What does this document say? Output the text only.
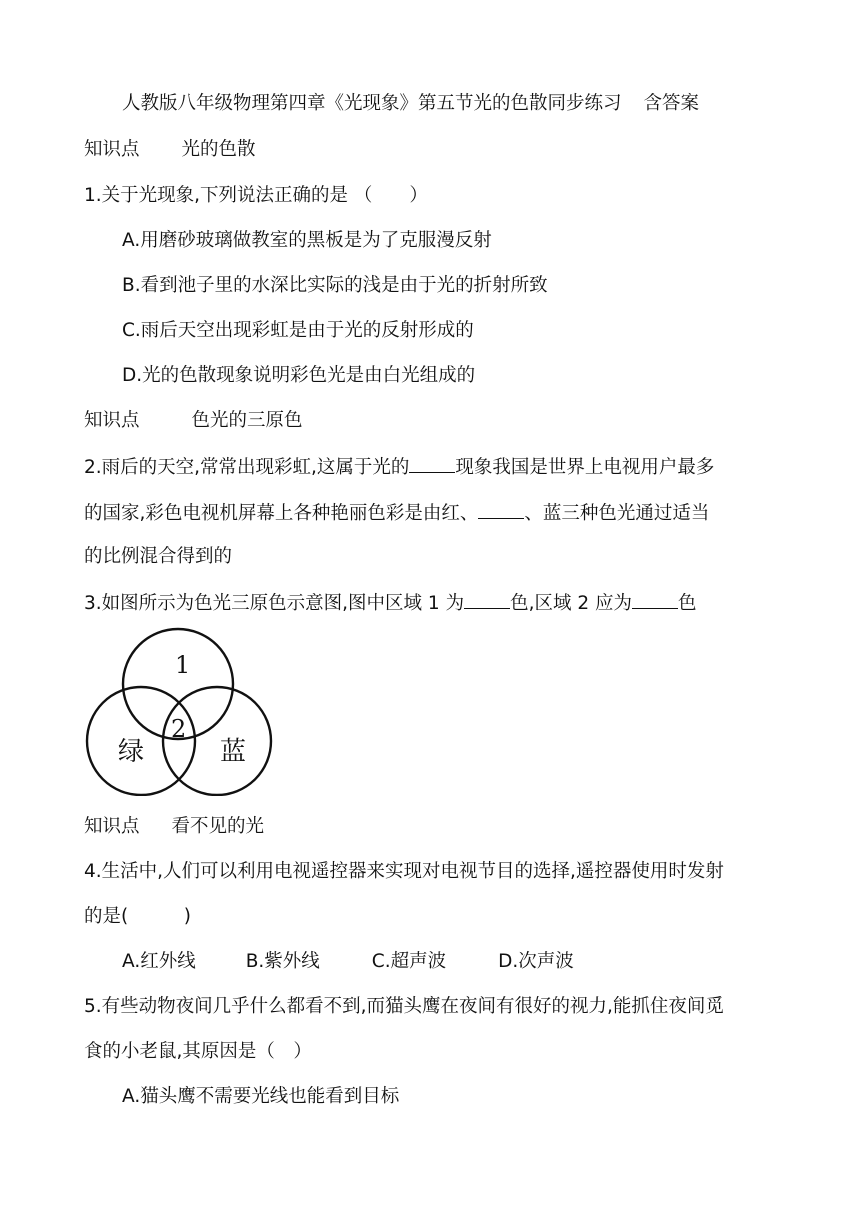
人教版八年级物理第四章《光现象》第五节光的色散同步练习 含答案
知识点 光的色散
1.关于光现象,下列说法正确的是 （　　）
A.用磨砂玻璃做教室的黑板是为了克服漫反射
B.看到池子里的水深比实际的浅是由于光的折射所致
C.雨后天空出现彩虹是由于光的反射形成的
D.光的色散现象说明彩色光是由白光组成的
知识点	色光的三原色
2.雨后的天空,常常出现彩虹,这属于光的 现象我国是世界上电视用户最多
的国家,彩色电视机屏幕上各种艳丽色彩是由红、 、蓝三种色光通过适当
的比例混合得到的
3.如图所示为色光三原色示意图,图中区域 1 为 色,区域 2 应为 色
1
2
绿	蓝
知识点 看不见的光
4.生活中,人们可以利用电视遥控器来实现对电视节目的选择,遥控器使用时发射
的是(　　　)
A.红外线	B.紫外线	C.超声波	D.次声波
5.有些动物夜间几乎什么都看不到,而猫头鹰在夜间有很好的视力,能抓住夜间觅
食的小老鼠,其原因是（　）
A.猫头鹰不需要光线也能看到目标
